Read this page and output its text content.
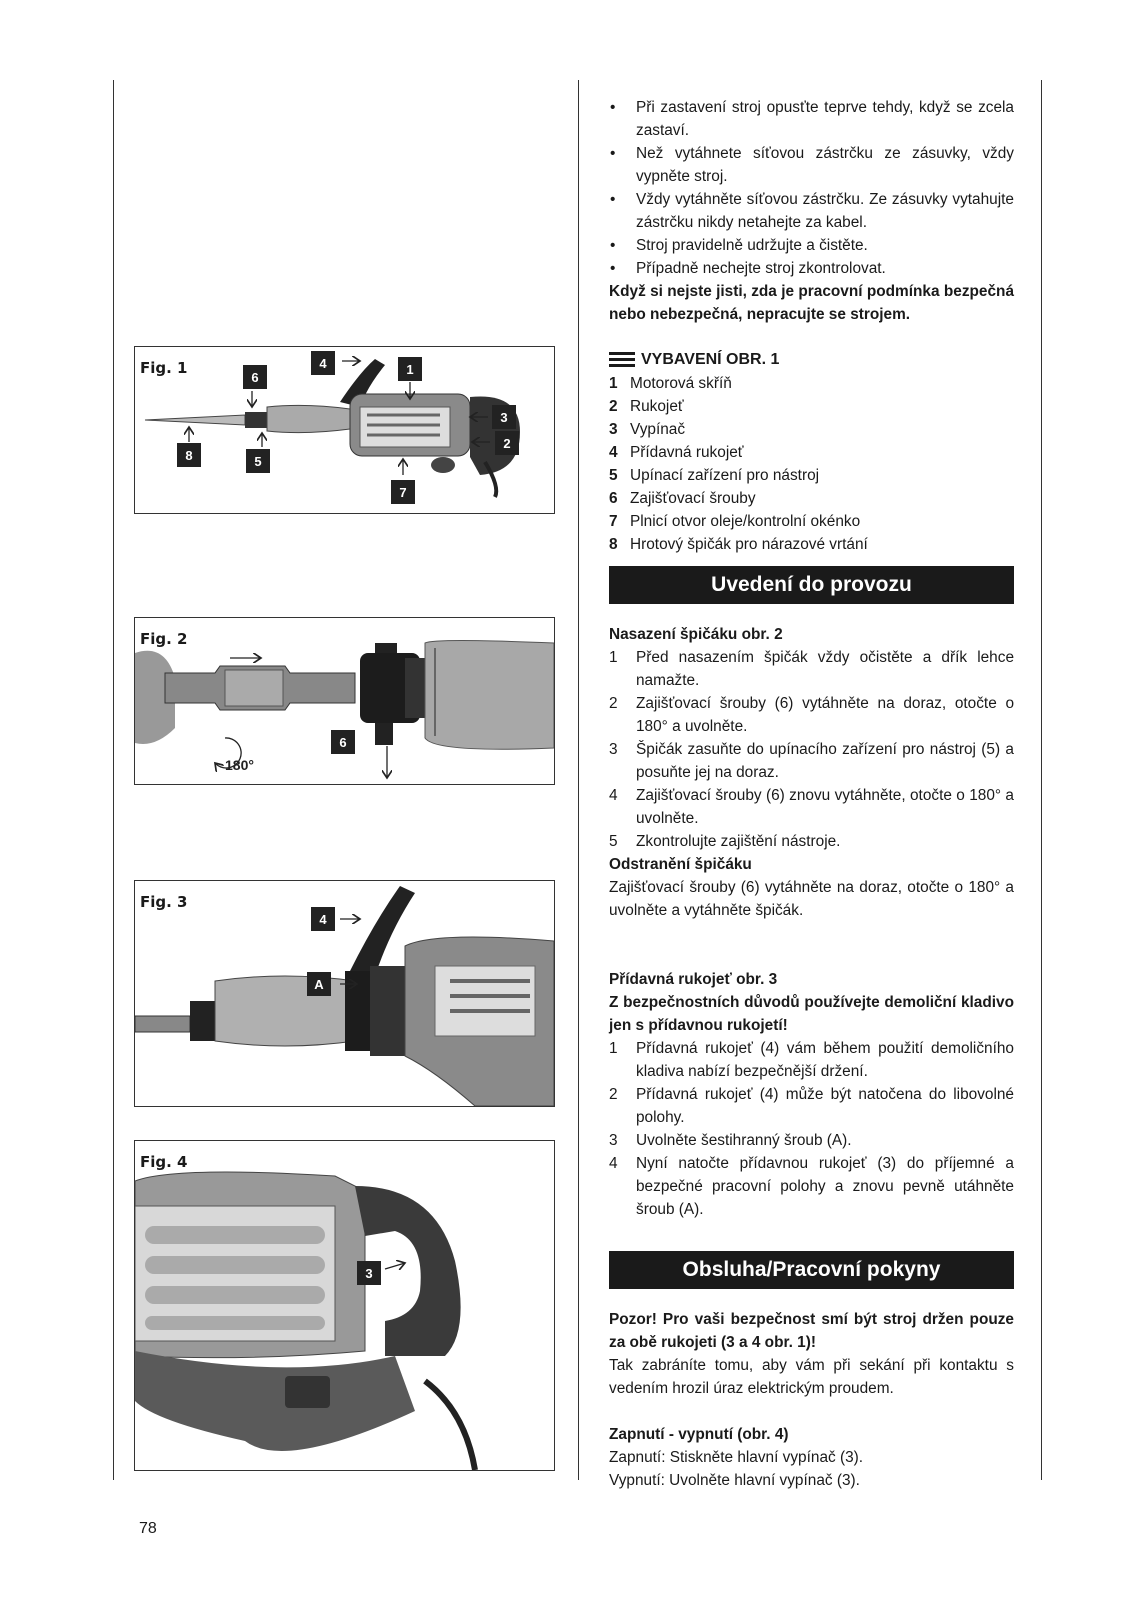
Fig. 1	4
6
1
3
2
8	5
7
Fig. 2
180°
6
Fig. 3
4
A
Fig. 4
3

• Při zastavení stroj opusťte teprve tehdy, když se zcela zastaví.

• Než vytáhnete síťovou zástrčku ze zásuvky, vždy vypněte stroj.

• Vždy vytáhněte síťovou zástrčku. Ze zásuvky vytahujte zástrčku nikdy netahejte za kabel.

• Stroj pravidelně udržujte a čistěte.

• Případně nechejte stroj zkontrolovat.

Když si nejste jisti, zda je pracovní podmínka bezpečná nebo nebezpečná, nepracujte se strojem.

VYBAVENÍ OBR. 1

1 Motorová skříň

2 Rukojeť

3 Vypínač

4 Přídavná rukojeť

5 Upínací zařízení pro nástroj

6 Zajišťovací šrouby

7 Plnicí otvor oleje/kontrolní okénko

8 Hrotový špičák pro nárazové vrtání

Uvedení do provozu

Nasazení špičáku obr. 2

1 Před nasazením špičák vždy očistěte a dřík lehce namažte.

2 Zajišťovací šrouby (6) vytáhněte na doraz, otočte o 180° a uvolněte.

3 Špičák zasuňte do upínacího zařízení pro nástroj (5) a posuňte jej na doraz.

4 Zajišťovací šrouby (6) znovu vytáhněte, otočte o 180° a uvolněte.

5 Zkontrolujte zajištění nástroje.

Odstranění špičáku

Zajišťovací šrouby (6) vytáhněte na doraz, otočte o 180° a uvolněte a vytáhněte špičák.

Přídavná rukojeť obr. 3

Z bezpečnostních důvodů používejte demoliční kladivo jen s přídavnou rukojetí!

1 Přídavná rukojeť (4) vám během použití demoličního kladiva nabízí bezpečnější držení.

2 Přídavná rukojeť (4) může být natočena do libovolné polohy.

3 Uvolněte šestihranný šroub (A).

4 Nyní natočte přídavnou rukojeť (3) do příjemné a bezpečné pracovní polohy a znovu pevně utáhněte šroub (A).

Obsluha/Pracovní pokyny

Pozor! Pro vaši bezpečnost smí být stroj držen pouze za obě rukojeti (3 a 4 obr. 1)!

Tak zabráníte tomu, aby vám při sekání při kontaktu s vedením hrozil úraz elektrickým proudem.

Zapnutí - vypnutí (obr. 4)

Zapnutí: Stiskněte hlavní vypínač (3).

Vypnutí: Uvolněte hlavní vypínač (3).

78
